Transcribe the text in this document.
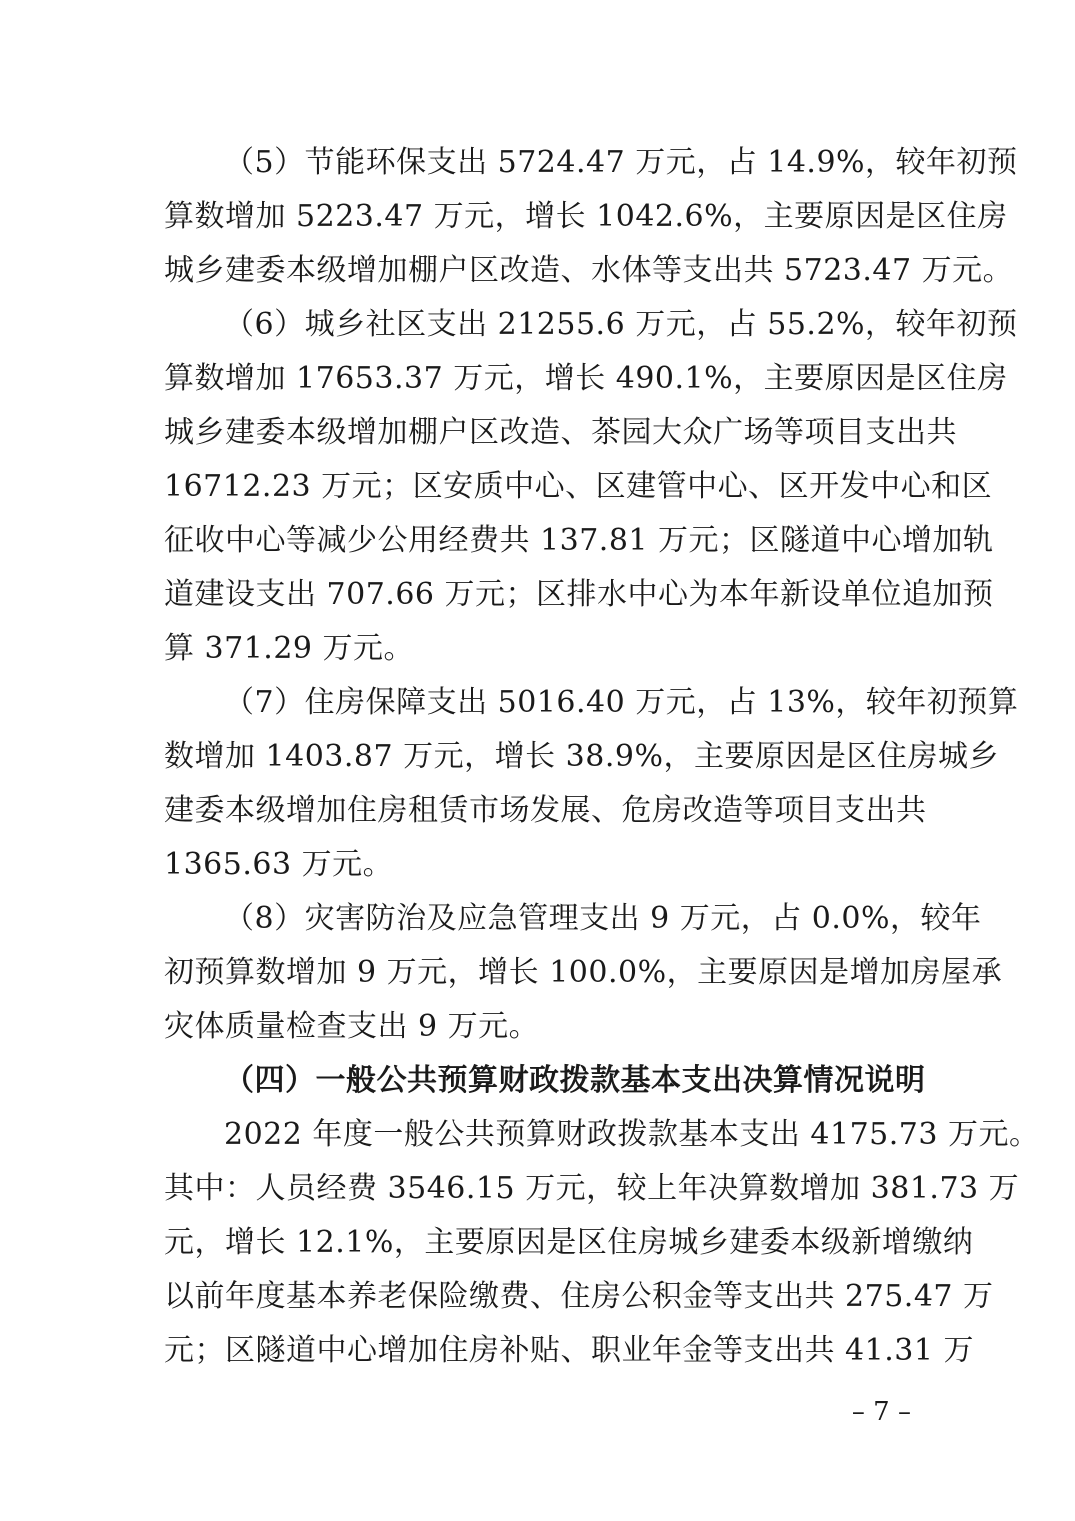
（5）节能环保支出 5724.47 万元，占 14.9%，较年初预
算数增加 5223.47 万元，增长 1042.6%，主要原因是区住房
城乡建委本级增加棚户区改造、水体等支出共 5723.47 万元。
（6）城乡社区支出 21255.6 万元，占 55.2%，较年初预
算数增加 17653.37 万元，增长 490.1%，主要原因是区住房
城乡建委本级增加棚户区改造、茶园大众广场等项目支出共
16712.23 万元；区安质中心、区建管中心、区开发中心和区
征收中心等减少公用经费共 137.81 万元；区隧道中心增加轨
道建设支出 707.66 万元；区排水中心为本年新设单位追加预
算 371.29 万元。
（7）住房保障支出 5016.40 万元，占 13%，较年初预算
数增加 1403.87 万元，增长 38.9%，主要原因是区住房城乡
建委本级增加住房租赁市场发展、危房改造等项目支出共
1365.63 万元。
（8）灾害防治及应急管理支出 9 万元，占 0.0%，较年
初预算数增加 9 万元，增长 100.0%，主要原因是增加房屋承
灾体质量检查支出 9 万元。
（四）一般公共预算财政拨款基本支出决算情况说明
2022 年度一般公共预算财政拨款基本支出 4175.73 万元。
其中：人员经费 3546.15 万元，较上年决算数增加 381.73 万
元，增长 12.1%，主要原因是区住房城乡建委本级新增缴纳
以前年度基本养老保险缴费、住房公积金等支出共 275.47 万
元；区隧道中心增加住房补贴、职业年金等支出共 41.31 万
– 7 –
